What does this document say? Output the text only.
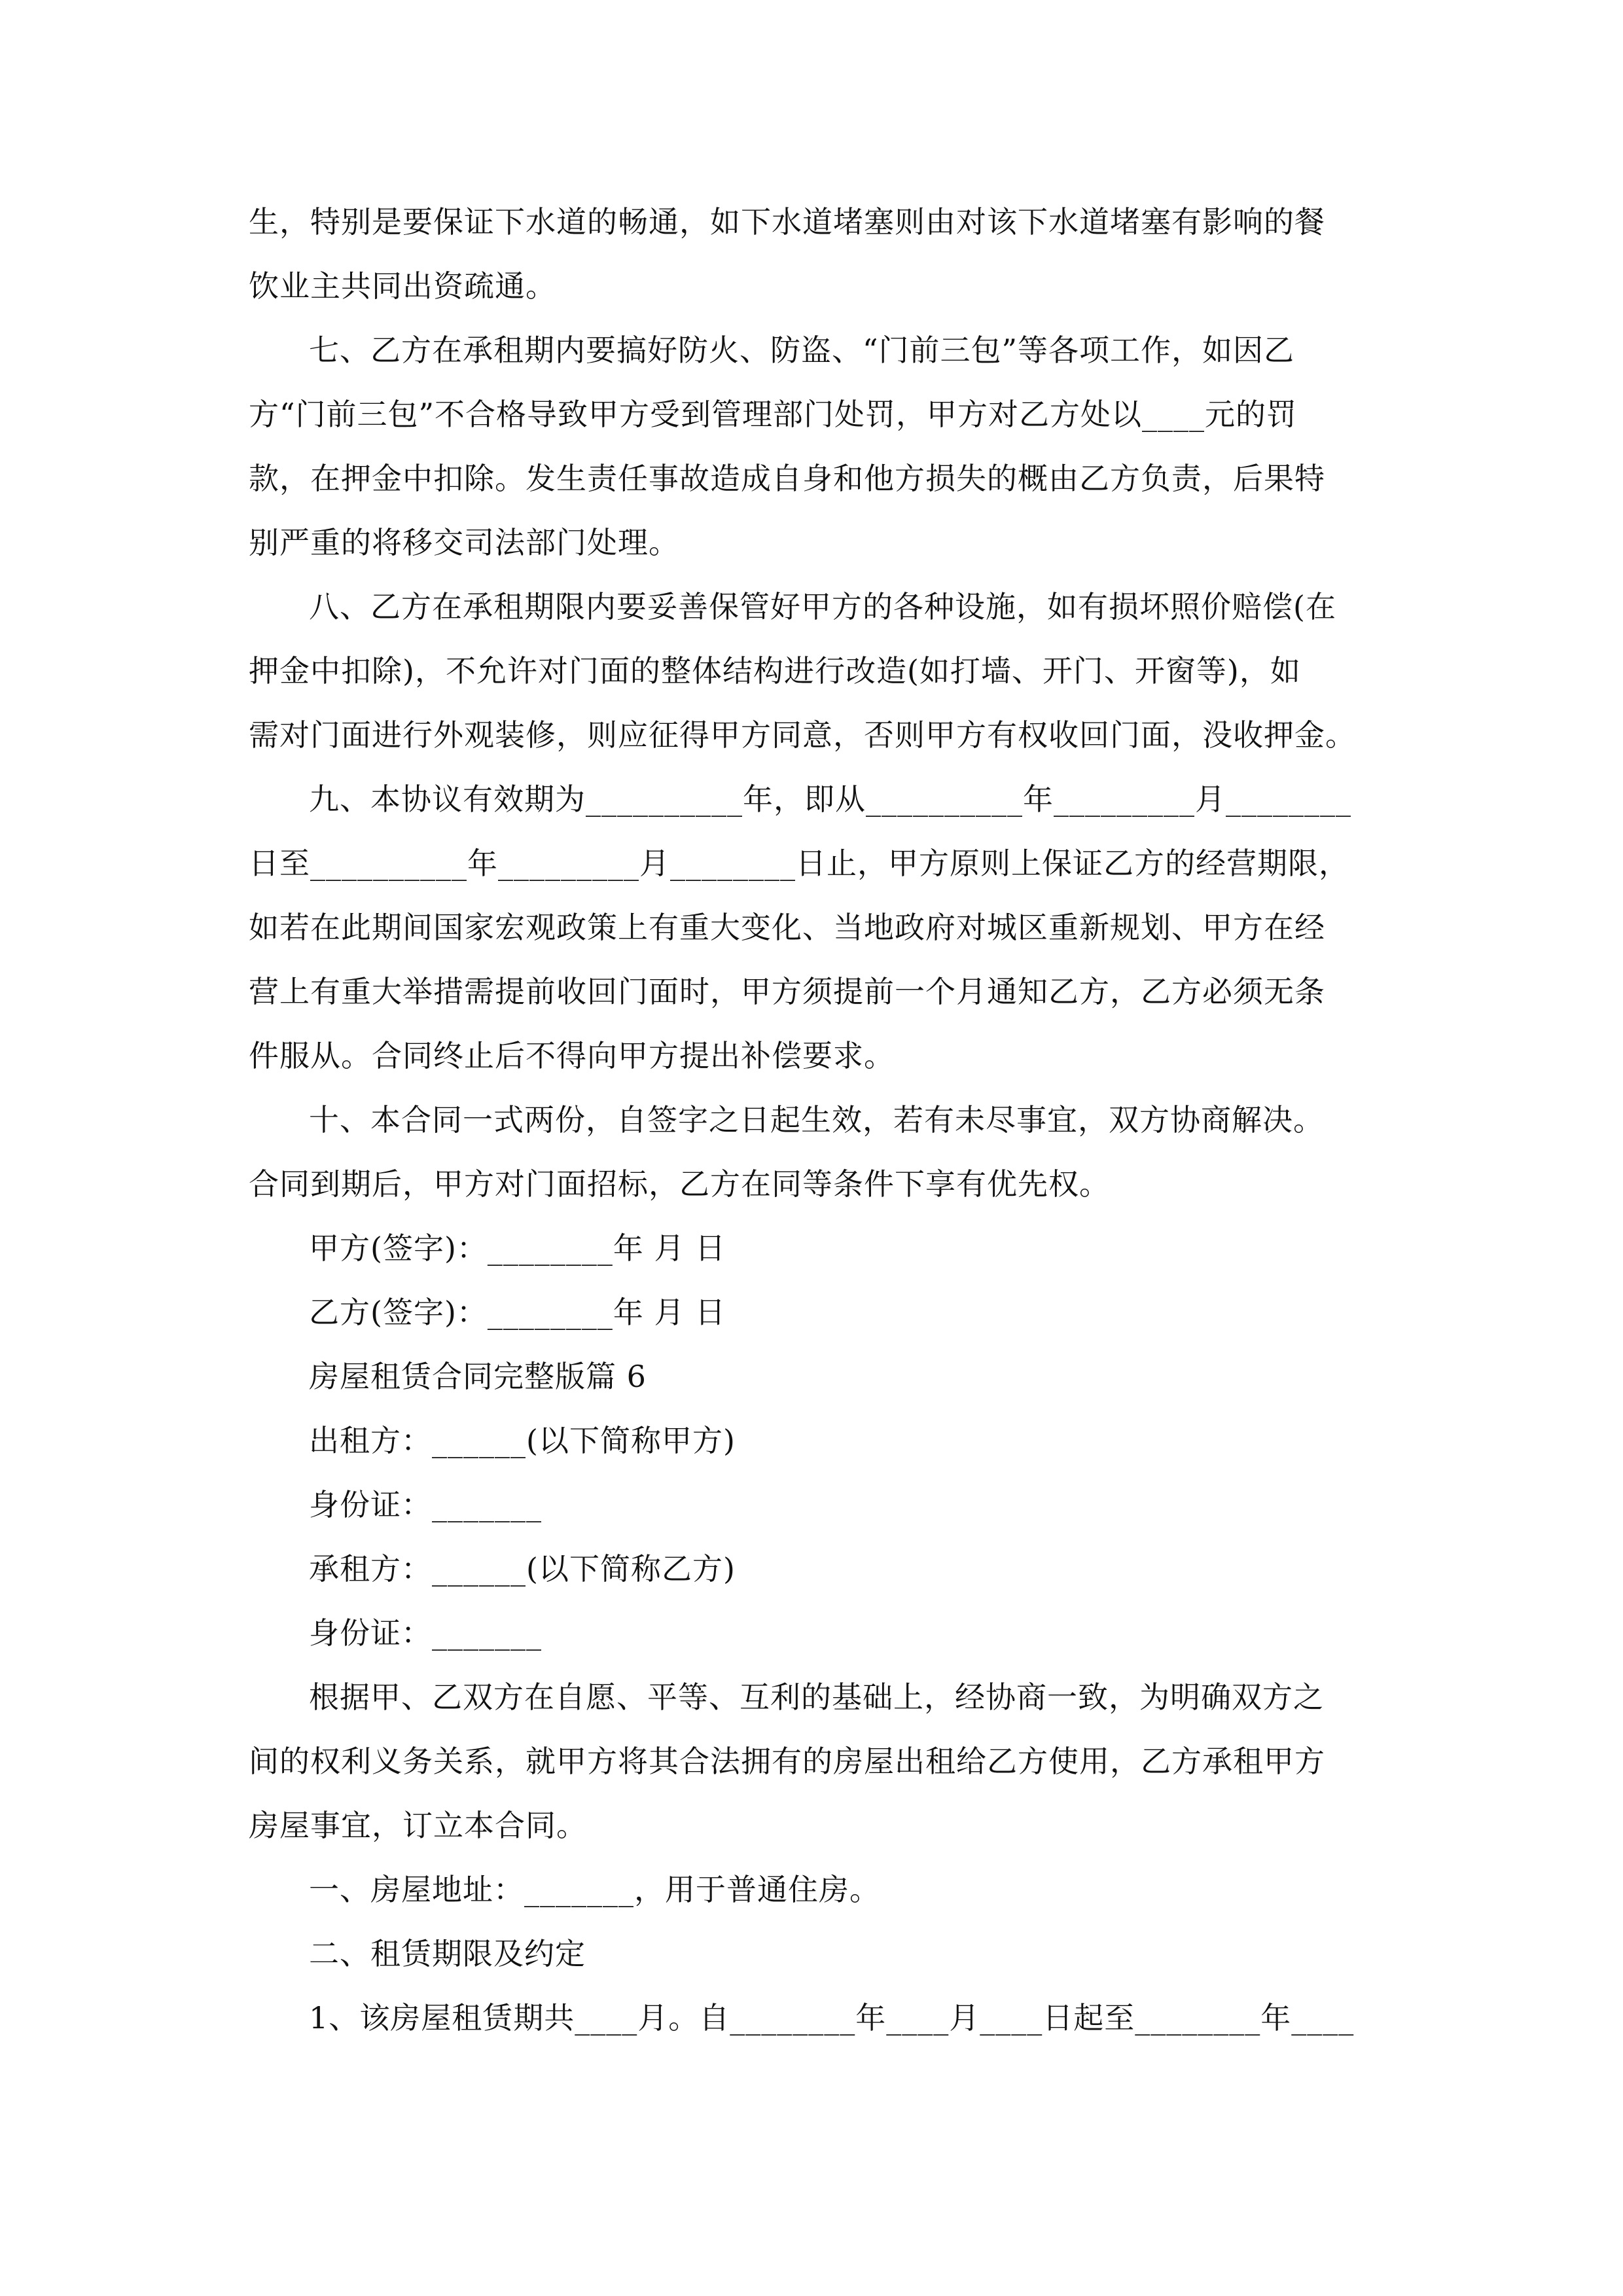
生，特别是要保证下水道的畅通，如下水道堵塞则由对该下水道堵塞有影响的餐
饮业主共同出资疏通。
七、乙方在承租期内要搞好防火、防盗、“门前三包”等各项工作，如因乙
方“门前三包”不合格导致甲方受到管理部门处罚，甲方对乙方处以____元的罚
款，在押金中扣除。发生责任事故造成自身和他方损失的概由乙方负责，后果特
别严重的将移交司法部门处理。
八、乙方在承租期限内要妥善保管好甲方的各种设施，如有损坏照价赔偿(在
押金中扣除)，不允许对门面的整体结构进行改造(如打墙、开门、开窗等)，如
需对门面进行外观装修，则应征得甲方同意，否则甲方有权收回门面，没收押金。
九、本协议有效期为__________年，即从__________年_________月________
日至__________年_________月________日止，甲方原则上保证乙方的经营期限，
如若在此期间国家宏观政策上有重大变化、当地政府对城区重新规划、甲方在经
营上有重大举措需提前收回门面时，甲方须提前一个月通知乙方，乙方必须无条
件服从。合同终止后不得向甲方提出补偿要求。
十、本合同一式两份，自签字之日起生效，若有未尽事宜，双方协商解决。
合同到期后，甲方对门面招标，乙方在同等条件下享有优先权。
甲方(签字)：________年 月 日
乙方(签字)：________年 月 日
房屋租赁合同完整版篇 6
出租方：______(以下简称甲方)
身份证：_______
承租方：______(以下简称乙方)
身份证：_______
根据甲、乙双方在自愿、平等、互利的基础上，经协商一致，为明确双方之
间的权利义务关系，就甲方将其合法拥有的房屋出租给乙方使用，乙方承租甲方
房屋事宜，订立本合同。
一、房屋地址：_______，用于普通住房。
二、租赁期限及约定
1、该房屋租赁期共____月。自________年____月____日起至________年____
